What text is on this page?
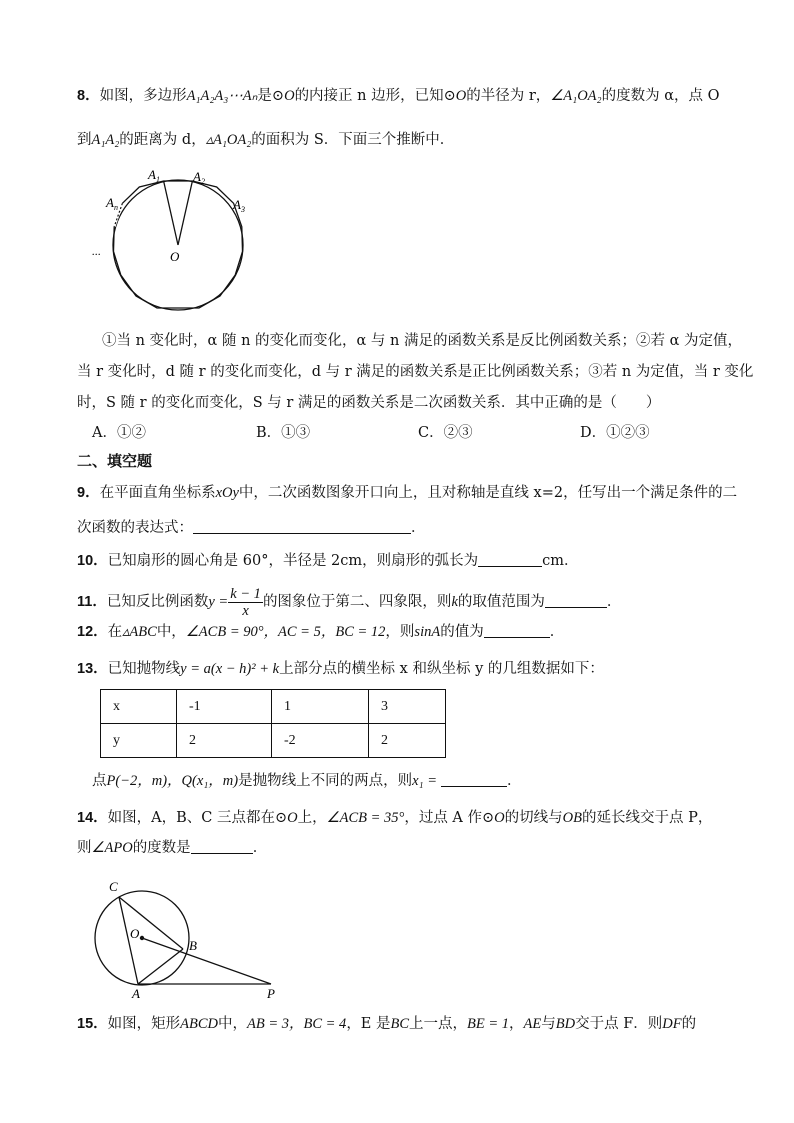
8．如图，多边形A₁A₂A₃⋯Aₙ是⊙O的内接正 n 边形，已知⊙O的半径为 r，∠A₁OA₂的度数为 α，点 O
到A₁A₂的距离为 d，▵A₁OA₂的面积为 S．下面三个推断中．
$A_1$	$A_2$
$A_3$
$A_n$
O
...
①当 n 变化时，α 随 n 的变化而变化，α 与 n 满足的函数关系是反比例函数关系；②若 α 为定值，
当 r 变化时，d 随 r 的变化而变化，d 与 r 满足的函数关系是正比例函数关系；③若 n 为定值，当 r 变化
时，S 随 r 的变化而变化，S 与 r 满足的函数关系是二次函数关系．其中正确的是（　　）
A．①②	B．①③	C．②③	D．①②③
二、填空题
9．在平面直角坐标系xOy中，二次函数图象开口向上，且对称轴是直线 x=2，任写出一个满足条件的二
次函数的表达式：	．
10．已知扇形的圆心角是 60°，半径是 2cm，则扇形的弧长为	cm．
11．已知反比例函数$y = \frac{k - 1}{x}$ 的图象位于第二、四象限，则k的取值范围为	．
12．在▵ABC中，∠ACB = 90°，AC = 5，BC = 12，则sinA的值为	．
13．已知抛物线y = a(x − h)² + k上部分点的横坐标 x 和纵坐标 y 的几组数据如下：
x	-1	1	3
y	2	-2	2
点P(−2，m)，Q(x₁，m)是抛物线上不同的两点，则x₁ =	．
14．如图，A，B、C 三点都在⊙O上，∠ACB = 35°，过点 A 作⊙O的切线与OB的延长线交于点 P，
则∠APO的度数是	．
C
O
B
A	P
15．如图，矩形ABCD中，AB = 3，BC = 4，E 是BC上一点，BE = 1，AE与BD交于点 F．则DF的
